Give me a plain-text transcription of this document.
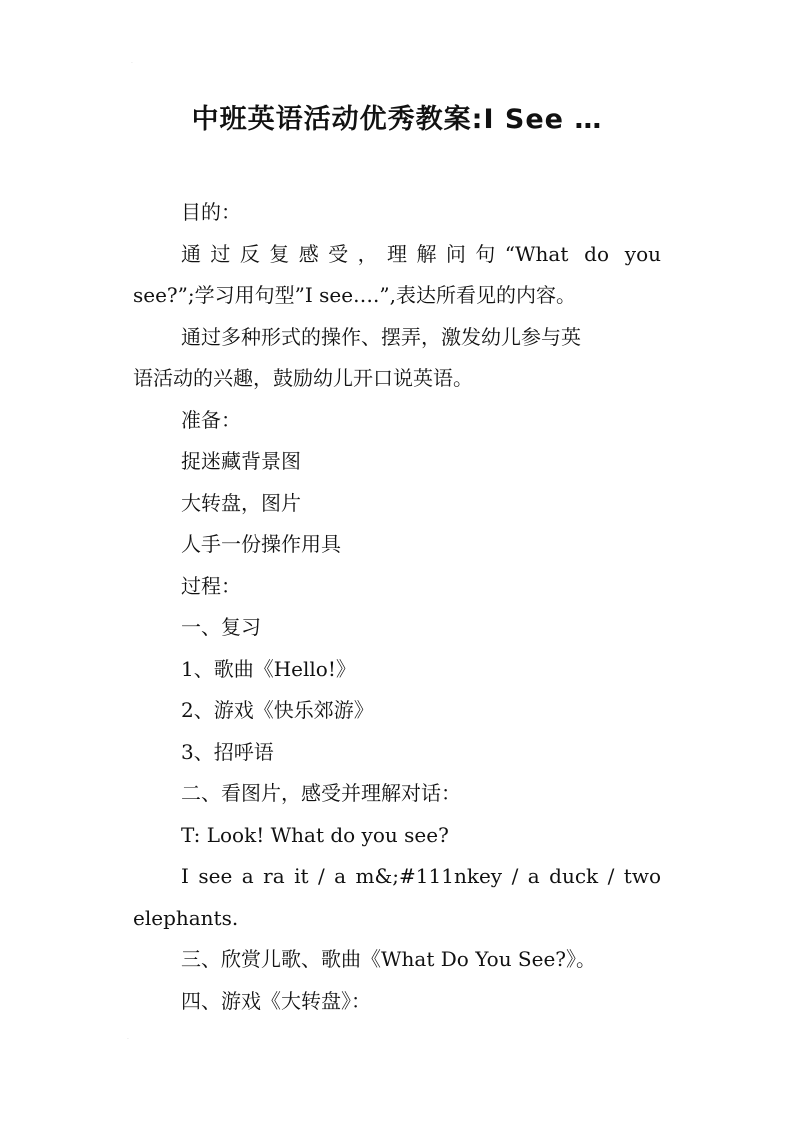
·
·
中班英语活动优秀教案:I See …

目的：

通过反复感受，理解问句“What do you

see?”;学习用句型”I see….”,表达所看见的内容。

通过多种形式的操作、摆弄，激发幼儿参与英

语活动的兴趣，鼓励幼儿开口说英语。

准备：

捉迷藏背景图

大转盘，图片

人手一份操作用具

过程：

一、复习

1、歌曲《Hello!》

2、游戏《快乐郊游》

3、招呼语

二、看图片，感受并理解对话：

T: Look! What do you see?

I see a ra it / a m&;#111nkey / a duck / two

elephants.

三、欣赏儿歌、歌曲《What Do You See?》。

四、游戏《大转盘》：
